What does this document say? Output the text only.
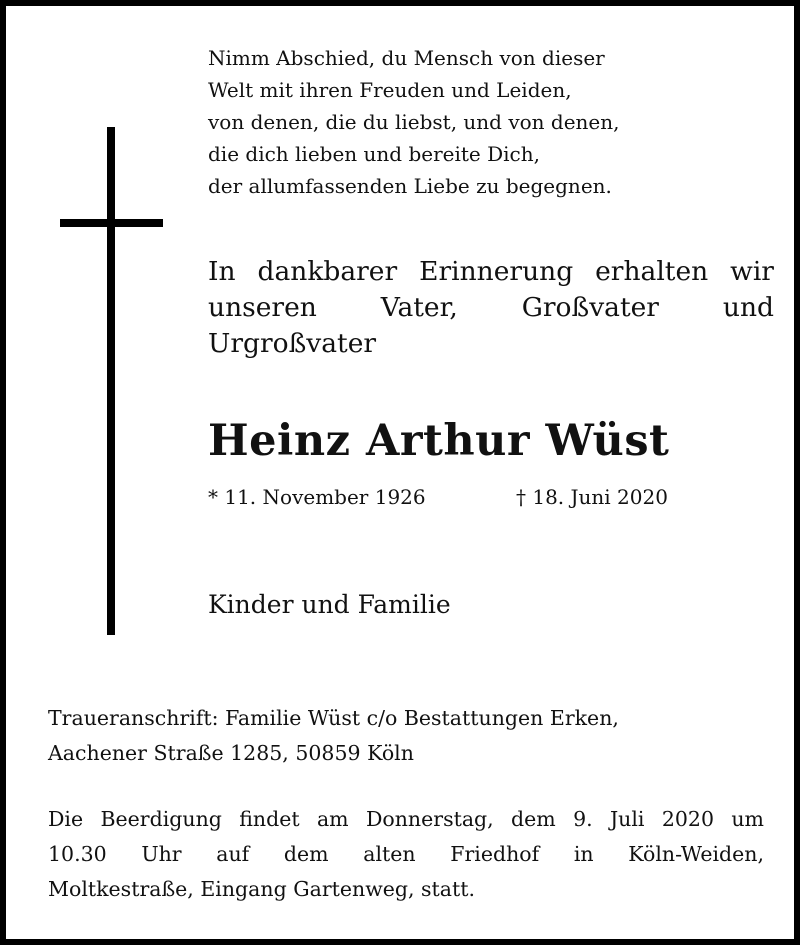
Nimm Abschied, du Mensch von dieser
Welt mit ihren Freuden und Leiden,
von denen, die du liebst, und von denen,
die dich lieben und bereite Dich,
der allumfassenden Liebe zu begegnen.
In dankbarer Erinnerung erhalten wir
unseren Vater, Großvater und
Urgroßvater
Heinz Arthur Wüst
* 11. November 1926	† 18. Juni 2020
Kinder und Familie
Traueranschrift: Familie Wüst c/o Bestattungen Erken,
Aachener Straße 1285, 50859 Köln
Die Beerdigung findet am Donnerstag, dem 9. Juli 2020 um
10.30 Uhr auf dem alten Friedhof in Köln-Weiden,
Moltkestraße, Eingang Gartenweg, statt.
